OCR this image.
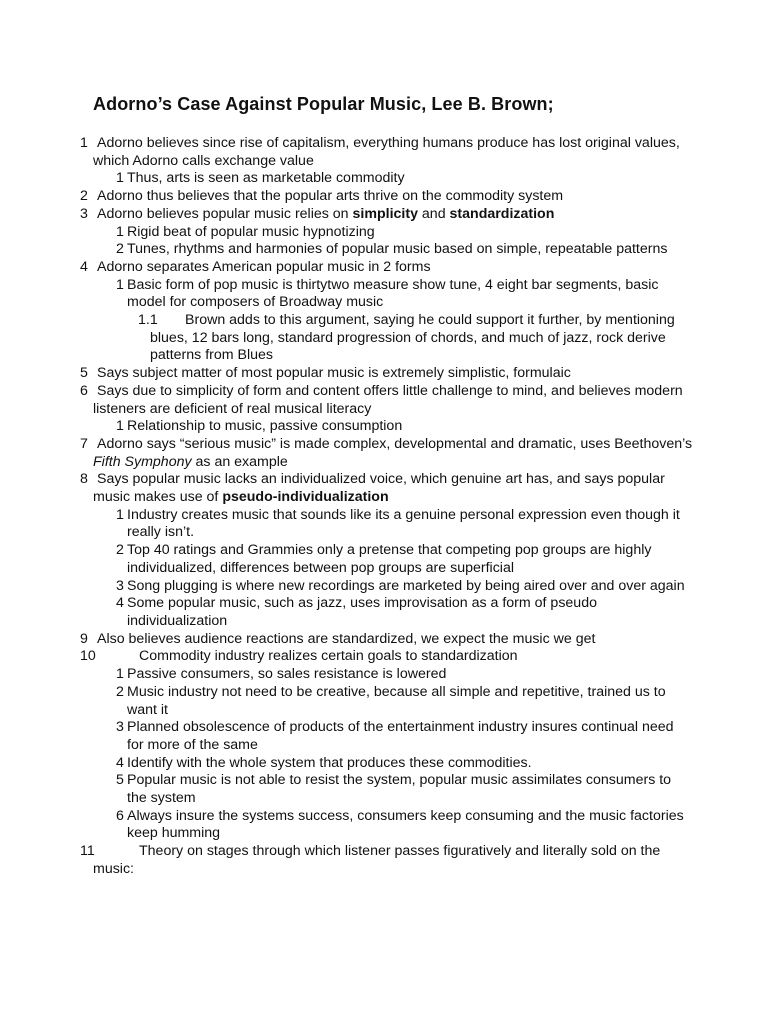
Adorno’s Case Against Popular Music, Lee B. Brown;
1 Adorno believes since rise of capitalism, everything humans produce has lost original values, which Adorno calls exchange value
1 Thus, arts is seen as marketable commodity
2 Adorno thus believes that the popular arts thrive on the commodity system
3 Adorno believes popular music relies on simplicity and standardization
1 Rigid beat of popular music hypnotizing
2 Tunes, rhythms and harmonies of popular music based on simple, repeatable patterns
4 Adorno separates American popular music in 2 forms
1 Basic form of pop music is thirtytwo measure show tune, 4 eight bar segments, basic model for composers of Broadway music
1.1	Brown adds to this argument, saying he could support it further, by mentioning blues, 12 bars long, standard progression of chords, and much of jazz, rock derive patterns from Blues
5 Says subject matter of most popular music is extremely simplistic, formulaic
6 Says due to simplicity of form and content offers little challenge to mind, and believes modern listeners are deficient of real musical literacy
1 Relationship to music, passive consumption
7 Adorno says “serious music” is made complex, developmental and dramatic, uses Beethoven’s Fifth Symphony as an example
8 Says popular music lacks an individualized voice, which genuine art has, and says popular music makes use of pseudo-individualization
1 Industry creates music that sounds like its a genuine personal expression even though it really isn’t.
2 Top 40 ratings and Grammies only a pretense that competing pop groups are highly individualized, differences between pop groups are superficial
3 Song plugging is where new recordings are marketed by being aired over and over again
4 Some popular music, such as jazz, uses improvisation as a form of pseudo individualization
9 Also believes audience reactions are standardized, we expect the music we get
10	Commodity industry realizes certain goals to standardization
1 Passive consumers, so sales resistance is lowered
2 Music industry not need to be creative, because all simple and repetitive, trained us to want it
3 Planned obsolescence of products of the entertainment industry insures continual need for more of the same
4 Identify with the whole system that produces these commodities.
5 Popular music is not able to resist the system, popular music assimilates consumers to the system
6 Always insure the systems success, consumers keep consuming and the music factories keep humming
11	Theory on stages through which listener passes figuratively and literally sold on the music:
